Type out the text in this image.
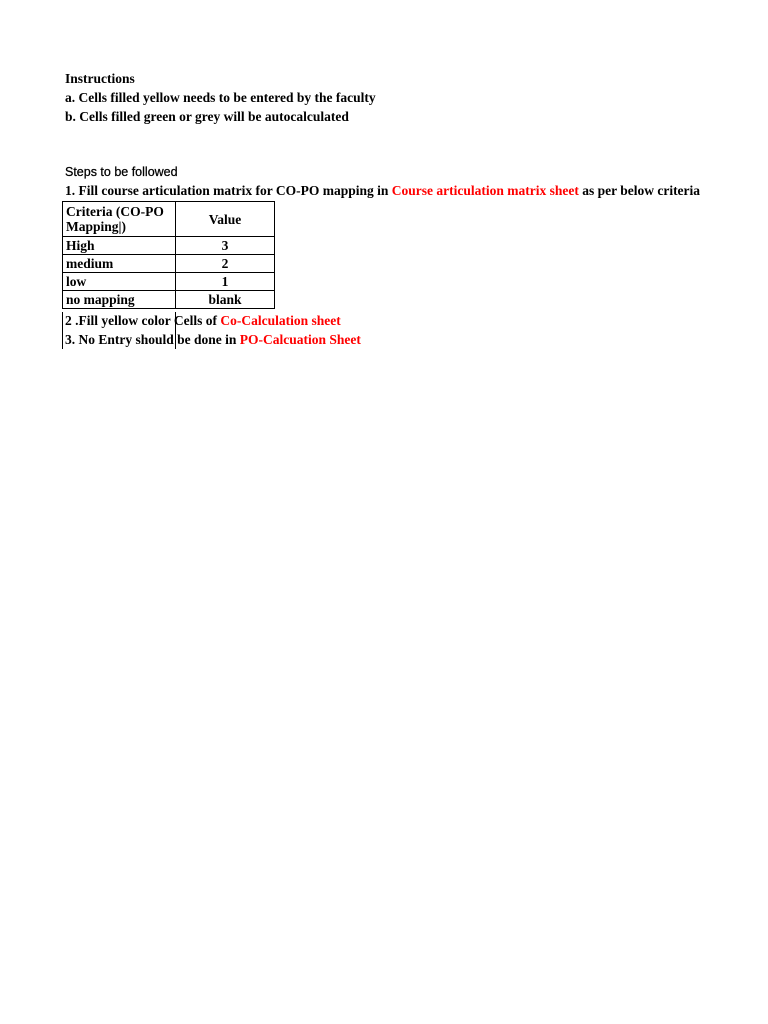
Instructions
a. Cells filled yellow needs to be entered by the faculty
b. Cells filled green or grey will be autocalculated
Steps to be followed
1. Fill course articulation matrix for CO-PO mapping in Course articulation matrix sheet as per below criteria
Criteria (CO-PO Mapping|)	Value
High	3
medium	2
low	1
no mapping	blank
2 .Fill yellow color Cells of Co-Calculation sheet
3. No Entry should be done in PO-Calcuation Sheet
